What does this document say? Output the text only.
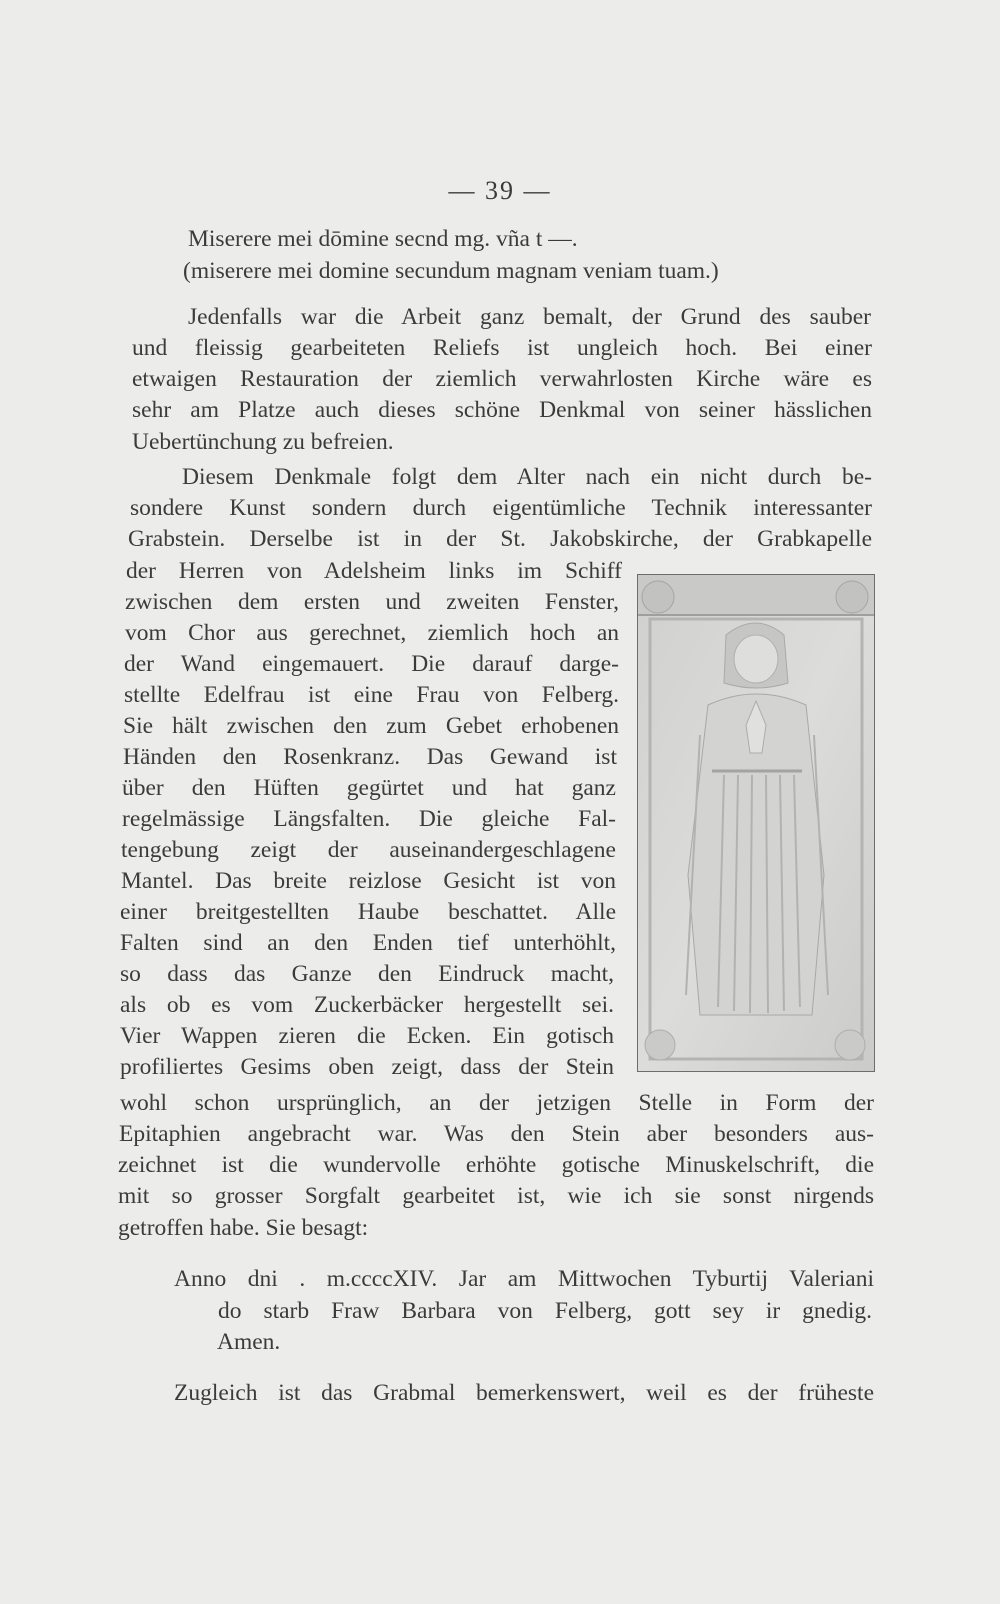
— 39 —
Miserere mei dōmine secnd mg. vña t —.
(miserere mei domine secundum magnam veniam tuam.)
Jedenfalls war die Arbeit ganz bemalt, der Grund des sauber
und fleissig gearbeiteten Reliefs ist ungleich hoch. Bei einer
etwaigen Restauration der ziemlich verwahrlosten Kirche wäre es
sehr am Platze auch dieses schöne Denkmal von seiner hässlichen
Uebertünchung zu befreien.
Diesem Denkmale folgt dem Alter nach ein nicht durch be-
sondere Kunst sondern durch eigentümliche Technik interessanter
Grabstein. Derselbe ist in der St. Jakobskirche, der Grabkapelle
der Herren von Adelsheim links im Schiff
zwischen dem ersten und zweiten Fenster,
vom Chor aus gerechnet, ziemlich hoch an
der Wand eingemauert. Die darauf darge-
stellte Edelfrau ist eine Frau von Felberg.
Sie hält zwischen den zum Gebet erhobenen
Händen den Rosenkranz. Das Gewand ist
über den Hüften gegürtet und hat ganz
regelmässige Längsfalten. Die gleiche Fal-
tengebung zeigt der auseinandergeschlagene
Mantel. Das breite reizlose Gesicht ist von
einer breitgestellten Haube beschattet. Alle
Falten sind an den Enden tief unterhöhlt,
so dass das Ganze den Eindruck macht,
als ob es vom Zuckerbäcker hergestellt sei.
Vier Wappen zieren die Ecken. Ein gotisch
profiliertes Gesims oben zeigt, dass der Stein
wohl schon ursprünglich, an der jetzigen Stelle in Form der
Epitaphien angebracht war. Was den Stein aber besonders aus-
zeichnet ist die wundervolle erhöhte gotische Minuskelschrift, die
mit so grosser Sorgfalt gearbeitet ist, wie ich sie sonst nirgends
getroffen habe. Sie besagt:
Anno dni . m.ccccXIV. Jar am Mittwochen Tyburtij Valeriani
do starb Fraw Barbara von Felberg, gott sey ir gnedig.
Amen.
Zugleich ist das Grabmal bemerkenswert, weil es der früheste
